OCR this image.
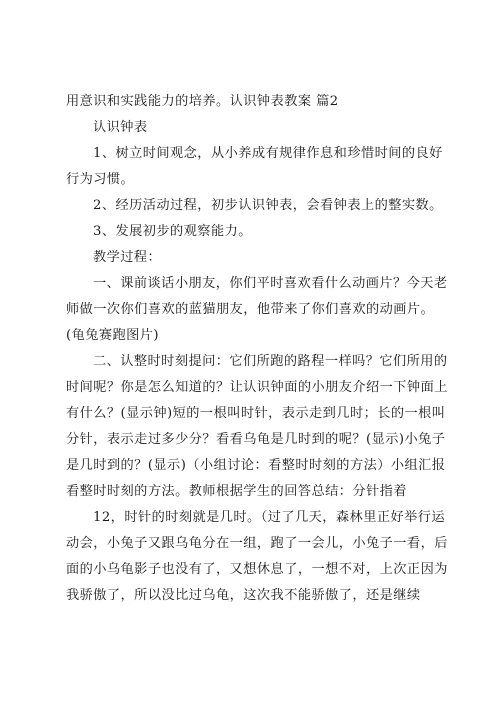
用意识和实践能力的培养。认识钟表教案 篇2
认识钟表
1、树立时间观念，从小养成有规律作息和珍惜时间的良好
行为习惯。
2、经历活动过程，初步认识钟表，会看钟表上的整实数。
3、发展初步的观察能力。
教学过程：
一、课前谈话小朋友，你们平时喜欢看什么动画片？今天老
师做一次你们喜欢的蓝猫朋友，他带来了你们喜欢的动画片。
(龟兔赛跑图片)
二、认整时时刻提问：它们所跑的路程一样吗？它们所用的
时间呢？你是怎么知道的？让认识钟面的小朋友介绍一下钟面上
有什么？(显示钟)短的一根叫时针，表示走到几时；长的一根叫
分针，表示走过多少分？看看乌龟是几时到的呢？(显示)小兔子
是几时到的？(显示)（小组讨论：看整时时刻的方法）小组汇报
看整时时刻的方法。教师根据学生的回答总结：分针指着
12，时针的时刻就是几时。（过了几天，森林里正好举行运
动会，小兔子又跟乌龟分在一组，跑了一会儿，小兔子一看，后
面的小乌龟影子也没有了，又想休息了，一想不对，上次正因为
我骄傲了，所以没比过乌龟，这次我不能骄傲了，还是继续
